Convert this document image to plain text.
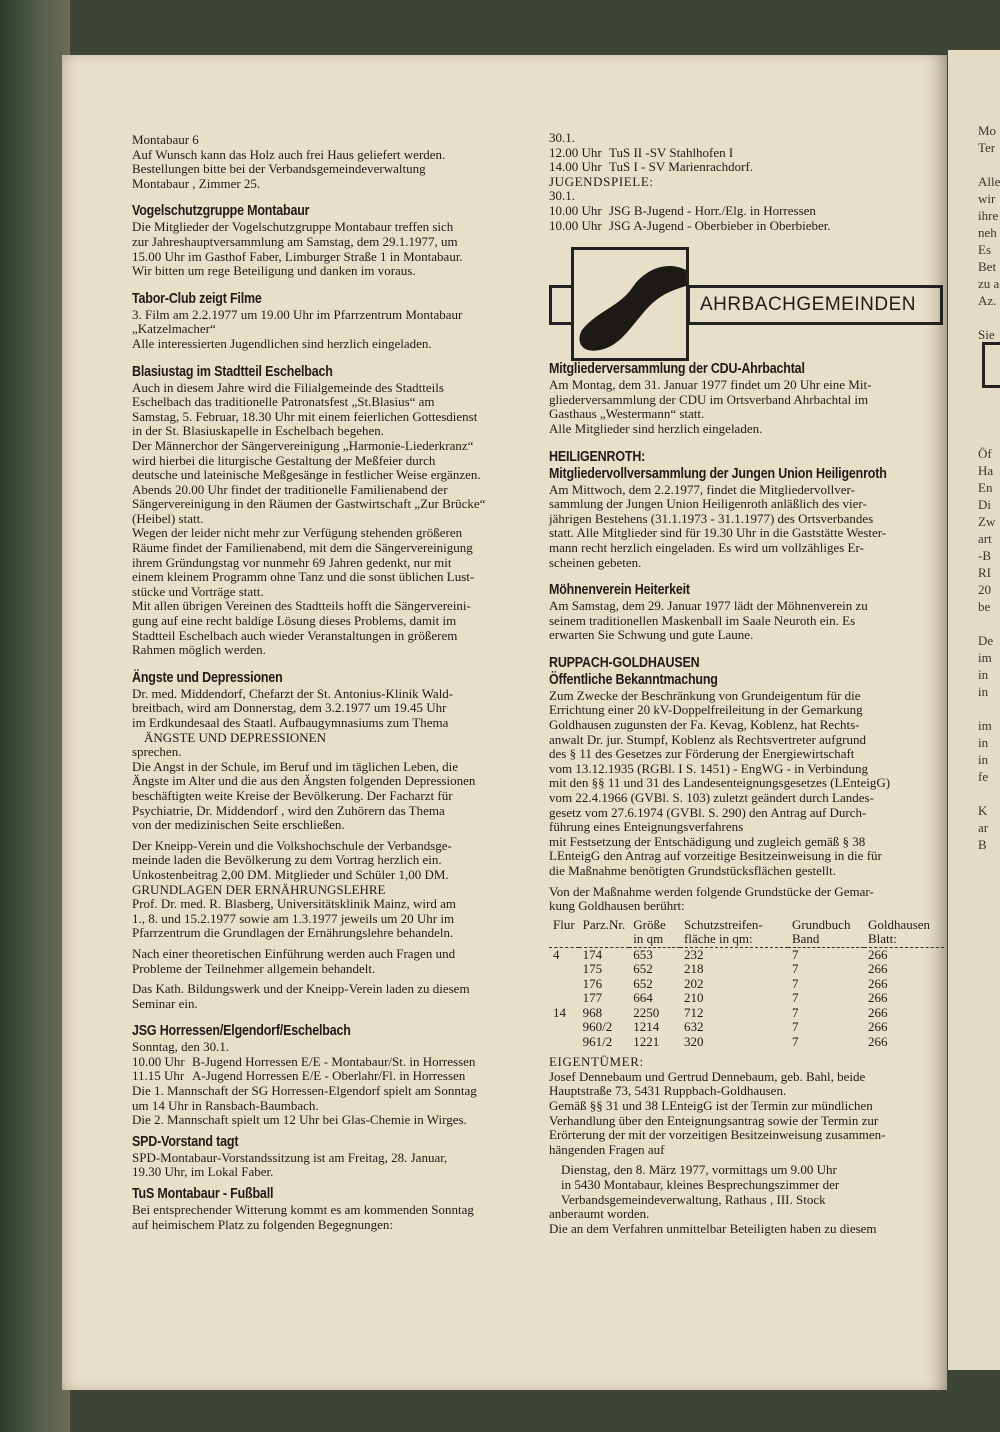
Montabaur 6

Auf Wunsch kann das Holz auch frei Haus geliefert werden.

Bestellungen bitte bei der Verbandsgemeindeverwaltung

Montabaur , Zimmer 25.

Vogelschutzgruppe Montabaur

Die Mitglieder der Vogelschutzgruppe Montabaur treffen sich

zur Jahreshauptversammlung am Samstag, dem 29.1.1977, um

15.00 Uhr im Gasthof Faber, Limburger Straße 1 in Montabaur.

Wir bitten um rege Beteiligung und danken im voraus.

Tabor-Club zeigt Filme

3. Film am 2.2.1977 um 19.00 Uhr im Pfarrzentrum Montabaur

„Katzelmacher“

Alle interessierten Jugendlichen sind herzlich eingeladen.

Blasiustag im Stadtteil Eschelbach

Auch in diesem Jahre wird die Filialgemeinde des Stadtteils

Eschelbach das traditionelle Patronatsfest „St.Blasius“ am

Samstag, 5. Februar, 18.30 Uhr mit einem feierlichen Gottesdienst

in der St. Blasiuskapelle in Eschelbach begehen.

Der Männerchor der Sängervereinigung „Harmonie-Liederkranz“

wird hierbei die liturgische Gestaltung der Meßfeier durch

deutsche und lateinische Meßgesänge in festlicher Weise ergänzen.

Abends 20.00 Uhr findet der traditionelle Familienabend der

Sängervereinigung in den Räumen der Gastwirtschaft „Zur Brücke“

(Heibel) statt.

Wegen der leider nicht mehr zur Verfügung stehenden größeren

Räume findet der Familienabend, mit dem die Sängervereinigung

ihrem Gründungstag vor nunmehr 69 Jahren gedenkt, nur mit

einem kleinem Programm ohne Tanz und die sonst üblichen Lust-

stücke und Vorträge statt.

Mit allen übrigen Vereinen des Stadtteils hofft die Sängervereini-

gung auf eine recht baldige Lösung dieses Problems, damit im

Stadtteil Eschelbach auch wieder Veranstaltungen in größerem

Rahmen möglich werden.

Ängste und Depressionen

Dr. med. Middendorf, Chefarzt der St. Antonius-Klinik Wald-

breitbach, wird am Donnerstag, dem 3.2.1977 um 19.45 Uhr

im Erdkundesaal des Staatl. Aufbaugymnasiums zum Thema

ÄNGSTE UND DEPRESSIONEN

sprechen.

Die Angst in der Schule, im Beruf und im täglichen Leben, die

Ängste im Alter und die aus den Ängsten folgenden Depressionen

beschäftigten weite Kreise der Bevölkerung. Der Facharzt für

Psychiatrie, Dr. Middendorf , wird den Zuhörern das Thema

von der medizinischen Seite erschließen.

Der Kneipp-Verein und die Volkshochschule der Verbandsge-

meinde laden die Bevölkerung zu dem Vortrag herzlich ein.

Unkostenbeitrag 2,00 DM. Mitglieder und Schüler 1,00 DM.

GRUNDLAGEN DER ERNÄHRUNGSLEHRE

Prof. Dr. med. R. Blasberg, Universitätsklinik Mainz, wird am

1., 8. und 15.2.1977 sowie am 1.3.1977 jeweils um 20 Uhr im

Pfarrzentrum die Grundlagen der Ernährungslehre behandeln.

Nach einer theoretischen Einführung werden auch Fragen und

Probleme der Teilnehmer allgemein behandelt.

Das Kath. Bildungswerk und der Kneipp-Verein laden zu diesem

Seminar ein.

JSG Horressen/Elgendorf/Eschelbach

Sonntag, den 30.1.

10.00 Uhr B-Jugend Horressen E/E - Montabaur/St. in Horressen
11.15 Uhr A-Jugend Horressen E/E - Oberlahr/Fl. in Horressen

Die 1. Mannschaft der SG Horressen-Elgendorf spielt am Sonntag

um 14 Uhr in Ransbach-Baumbach.

Die 2. Mannschaft spielt um 12 Uhr bei Glas-Chemie in Wirges.

SPD-Vorstand tagt

SPD-Montabaur-Vorstandssitzung ist am Freitag, 28. Januar,

19.30 Uhr, im Lokal Faber.

TuS Montabaur - Fußball

Bei entsprechender Witterung kommt es am kommenden Sonntag

auf heimischem Platz zu folgenden Begegnungen:

30.1.

12.00 Uhr TuS II -SV Stahlhofen I
14.00 Uhr TuS I - SV Marienrachdorf.

JUGENDSPIELE:

30.1.

10.00 Uhr JSG B-Jugend - Horr./Elg. in Horressen
10.00 Uhr JSG A-Jugend - Oberbieber in Oberbieber.
AHRBACHGEMEINDEN
Mitgliederversammlung der CDU-Ahrbachtal

Am Montag, dem 31. Januar 1977 findet um 20 Uhr eine Mit-

gliederversammlung der CDU im Ortsverband Ahrbachtal im

Gasthaus „Westermann“ statt.

Alle Mitglieder sind herzlich eingeladen.

HEILIGENROTH:
Mitgliedervollversammlung der Jungen Union Heiligenroth

Am Mittwoch, dem 2.2.1977, findet die Mitgliedervollver-

sammlung der Jungen Union Heiligenroth anläßlich des vier-

jährigen Bestehens (31.1.1973 - 31.1.1977) des Ortsverbandes

statt. Alle Mitglieder sind für 19.30 Uhr in die Gaststätte Wester-

mann recht herzlich eingeladen. Es wird um vollzähliges Er-

scheinen gebeten.

Möhnenverein Heiterkeit

Am Samstag, dem 29. Januar 1977 lädt der Möhnenverein zu

seinem traditionellen Maskenball im Saale Neuroth ein. Es

erwarten Sie Schwung und gute Laune.

RUPPACH-GOLDHAUSEN
Öffentliche Bekanntmachung

Zum Zwecke der Beschränkung von Grundeigentum für die

Errichtung einer 20 kV-Doppelfreileitung in der Gemarkung

Goldhausen zugunsten der Fa. Kevag, Koblenz, hat Rechts-

anwalt Dr. jur. Stumpf, Koblenz als Rechtsvertreter aufgrund

des § 11 des Gesetzes zur Förderung der Energiewirtschaft

vom 13.12.1935 (RGBl. I S. 1451) - EngWG - in Verbindung

mit den §§ 11 und 31 des Landesenteignungsgesetzes (LEnteigG)

vom 22.4.1966 (GVBl. S. 103) zuletzt geändert durch Landes-

gesetz vom 27.6.1974 (GVBl. S. 290) den Antrag auf Durch-

führung eines Enteignungsverfahrens

mit Festsetzung der Entschädigung und zugleich gemäß § 38

LEnteigG den Antrag auf vorzeitige Besitzeinweisung in die für

die Maßnahme benötigten Grundstücksflächen gestellt.

Von der Maßnahme werden folgende Grundstücke der Gemar-

kung Goldhausen berührt:

Flur	Parz.Nr.	Größe in qm	Schutzstreifen-fläche in qm:	Grundbuch Band	Goldhausen Blatt:
4	174	653	232	7	266
	175	652	218	7	266
	176	652	202	7	266
	177	664	210	7	266
14	968	2250	712	7	266
	960/2	1214	632	7	266
	961/2	1221	320	7	266

EIGENTÜMER:

Josef Dennebaum und Gertrud Dennebaum, geb. Bahl, beide

Hauptstraße 73, 5431 Ruppbach-Goldhausen.

Gemäß §§ 31 und 38 LEnteigG ist der Termin zur mündlichen

Verhandlung über den Enteignungsantrag sowie der Termin zur

Erörterung der mit der vorzeitigen Besitzeinweisung zusammen-

hängenden Fragen auf

Dienstag, den 8. März 1977, vormittags um 9.00 Uhr

in 5430 Montabaur, kleines Besprechungszimmer der

Verbandsgemeindeverwaltung, Rathaus , III. Stock

anberaumt worden.

Die an dem Verfahren unmittelbar Beteiligten haben zu diesem

Mo
Ter

Alle
wir
ihre
neh
Es
Bet
zu a
Az.

Sie

Öf
Ha
En
Di
Zw
art
-B
RI
20
be

De
im
in
in

im
in
in
fe

K
ar
B
